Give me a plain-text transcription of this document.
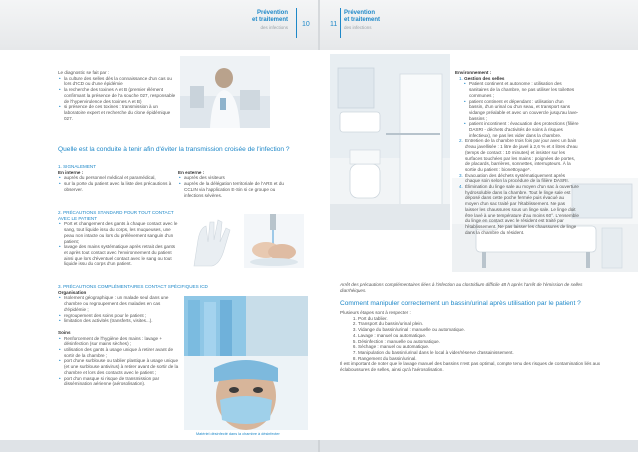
Prévention
et traitement
des infections 10	11
Prévention
et traitement
des infections
Le diagnostic se fait par :
• la culture des selles dès la connaissance d'un cas ou lors d'ICD ou d'une épidémie
• la recherche des toxines A et B (premier élément confirmant la présence de l'a souche 027, responsable de l'hypervirulence des toxines A et B)
• si présence de ces toxines : transmission à un laboratoire expert et recherche du clone épidémique 027.
Quelle est la conduite à tenir afin d'éviter la transmission croisée de l'infection ?
1. SIGNALEMENT
En interne :
• auprès du personnel médical et paramédical,
• sur la porte du patient avec la liste des précautions à observer.
En externe :
• auprès des visiteurs
• auprès de la délégation territoriale de l'ARS et du CCLIN via l'application E-Sin si ce groupe ou infections sévères.
2. PRÉCAUTIONS STANDARD POUR TOUT CONTACT AVEC LE PATIENT
• Port et changement des gants à chaque contact avec le sang, tout liquide issu du corps, les muqueuses, une peau non intacte ou lors du prélèvement sanguin d'un patient;
• lavage des mains systématique après retrait des gants et après tout contact avec l'environnement du patient ainsi que lors d'éventuel contact avec le sang ou tout liquide issu du corps d'un patient.
3. PRÉCAUTIONS COMPLÉMENTAIRES CONTACT SPÉCIFIQUES ICD
Organisation
• Isolement géographique : un malade seul dans une chambre ou regroupement des malades en cas d'épidémie ;
• regroupement des soins pour le patient ;
• limitation des activités (transferts, visites...).
Soins
• Renforcement de l'hygiène des mains : lavage + désinfection (sur mains sèches) ;
• utilisation des gants à usage unique à retirer avant de sortir de la chambre ;
• port d'une surblouse ou tablier plastique à usage unique (et une surblouse antivirus) à retirer avant de sortir de la chambre et lors des contacts avec le patient ;
• port d'un masque si risque de transmission par dissémination aérienne (aérosolisation).
Matériel désinfecté dans la chambre à désinfecter
Environnement :
1. Gestion des selles
• Patient continent et autonome : utilisation des sanitaires de la chambre, ne pas utiliser les toilettes communes ;
• patient continent et dépendant : utilisation d'un bassin, d'un urinal ou d'un seau, et transport sans vidange préalable et avec un couvercle jusqu'au lave-bassins ;
• patient incontinent : évacuation des protections (filière DASRI - déchets d'activités de soins à risques infectieux), ne pas les vider dans la chambre.
2. Entretien de la chambre trois fois par jour avec un bain d'eau javellisée : 1 litre de javel à 2,6 % et 4 litres d'eau (temps de contact : 10 minutes) et insister sur les surfaces touchées par les mains : poignées de portes, de placards, barrières, sonnettes, interrupteurs. À la sortie du patient : bionettoyage*.
3. Évacuation des déchets systématiquement après chaque soin selon la procédure de la filière DASRI.
4. Élimination du linge sale au moyen d'un sac à ouverture hydrosoluble dans la chambre. Tout le linge sale est déposé dans cette poche fermée puis évacué au moyen d'un sac traité par l'établissement. Ne pas laisser les chaussures sous un linge sale. Le linge doit être lavé à une température d'au moins 60°. L'ensemble du linge en contact avec le résident est traité par l'établissement. Ne pas laisser les chaussures de linge dans la chambre du résident.
Arrêt des précautions complémentaires liées à l'infection au clostridium difficile 48 h après l'arrêt de l'émission de selles diarrhéiques.
Comment manipuler correctement un bassin/urinal après utilisation par le patient ?
Plusieurs étapes sont à respecter :
1. Port du tablier.
2. Transport du bassin/urinal plein.
3. Vidange du bassin/urinal : manuelle ou automatique.
4. Lavage : manuel ou automatique.
5. Désinfection : manuelle ou automatique.
6. Séchage : manuel ou automatique.
7. Manipulation du bassin/urinal dans le local à vider/réserve d'assainissement.
8. Rangement du bassin/urinal.
Il est important de noter que le lavage manuel des bassins n'est pas optimal, compte tenu des risques de contamination liés aux éclaboussures de selles, ainsi qu'à l'aérosolisation.
